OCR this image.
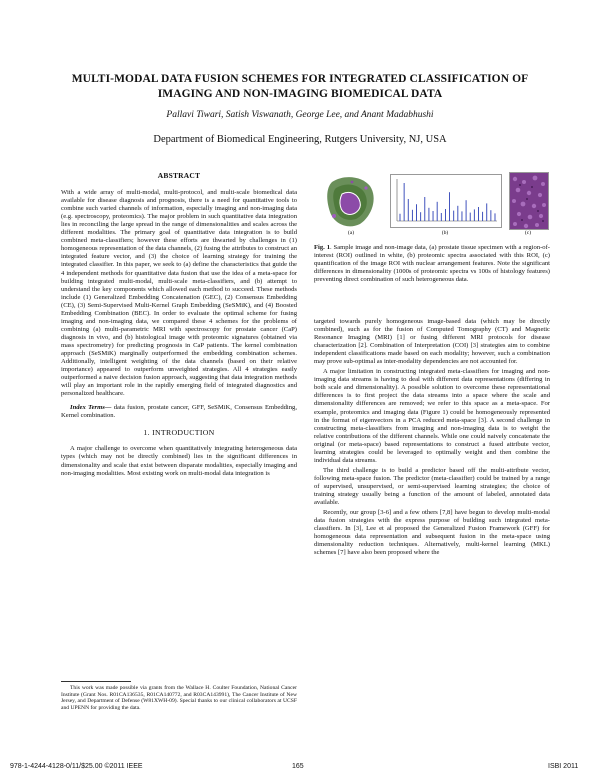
MULTI-MODAL DATA FUSION SCHEMES FOR INTEGRATED CLASSIFICATION OF
IMAGING AND NON-IMAGING BIOMEDICAL DATA
Pallavi Tiwari, Satish Viswanath, George Lee, and Anant Madabhushi
Department of Biomedical Engineering, Rutgers University, NJ, USA
ABSTRACT

With a wide array of multi-modal, multi-protocol, and multi-scale biomedical data available for disease diagnosis and prognosis, there is a need for quantitative tools to combine such varied channels of information, especially imaging and non-imaging data (e.g. spectroscopy, proteomics). The major problem in such quantitative data integration lies in reconciling the large spread in the range of dimensionalities and scales across the different modalities. The primary goal of quantitative data integration is to build combined meta-classifiers; however these efforts are thwarted by challenges in (1) homogeneous representation of the data channels, (2) fusing the attributes to construct an integrated feature vector, and (3) the choice of learning strategy for training the integrated classifier. In this paper, we seek to (a) define the characteristics that guide the 4 independent methods for quantitative data fusion that use the idea of a meta-space for building integrated multi-modal, multi-scale meta-classifiers, and (b) attempt to understand the key components which allowed each method to succeed. These methods include (1) Generalized Embedding Concatenation (GEC), (2) Consensus Embedding (CE), (3) Semi-Supervised Multi-Kernel Graph Embedding (SeSMiK), and (4) Boosted Embedding Combination (BEC). In order to evaluate the optimal scheme for fusing imaging and non-imaging data, we compared these 4 schemes for the problems of combining (a) multi-parametric MRI with spectroscopy for prostate cancer (CaP) diagnosis in vivo, and (b) histological image with proteomic signatures (obtained via mass spectrometry) for predicting prognosis in CaP patients. The kernel combination approach (SeSMiK) marginally outperformed the embedding combination schemes. Additionally, intelligent weighting of the data channels (based on their relative importance) appeared to outperform unweighted strategies. All 4 strategies easily outperformed a naive decision fusion approach, suggesting that data integration methods will play an important role in the rapidly emerging field of integrated diagnostics and personalized healthcare.

Index Terms— data fusion, prostate cancer, GFF, SeSMiK, Consensus Embedding, Kernel combination.

1. INTRODUCTION

A major challenge to overcome when quantitatively integrating heterogeneous data types (which may not be directly combined) lies in the significant differences in dimensionality and scale that exist between disparate modalities, especially imaging and non-imaging modalities. Most existing work on multi-modal data integration is

This work was made possible via grants from the Wallace H. Coulter Foundation, National Cancer Institute (Grant Nos. R01CA136535, R01CA140772, and R03CA143991), The Cancer Institute of New Jersey, and Department of Defense (W81XWH-09). Special thanks to our clinical collaborators at UCSF and UPENN for providing the data.
(a)	(b)	(c)

Fig. 1. Sample image and non-image data, (a) prostate tissue specimen with a region-of-interest (ROI) outlined in white, (b) proteomic spectra associated with this ROI, (c) quantification of the image ROI with nuclear arrangement features. Note the significant differences in dimensionality (1000s of proteomic spectra vs 100s of histology features) preventing direct combination of such heterogeneous data.

targeted towards purely homogeneous image-based data (which may be directly combined), such as for the fusion of Computed Tomography (CT) and Magnetic Resonance Imaging (MRI) [1] or fusing different MRI protocols for disease characterization [2]. Combination of Interpretation (COI) [3] strategies aim to combine independent classifications made based on each modality; however, such a combination may prove sub-optimal as inter-modality dependencies are not accounted for.

A major limitation in constructing integrated meta-classifiers for imaging and non-imaging data streams is having to deal with different data representations (differing in both scale and dimensionality). A possible solution to overcome these representational differences is to first project the data streams into a space where the scale and dimensionality differences are removed; we refer to this space as a meta-space. For example, proteomics and imaging data (Figure 1) could be homogeneously represented in the format of eigenvectors in a PCA reduced meta-space [3]. A second challenge in constructing meta-classifiers from imaging and non-imaging data is to weight the relative contributions of the different channels. While one could naively concatenate the original (or meta-space) based representations to construct a fused attribute vector, learning strategies could be leveraged to optimally weight and then combine the individual data streams.

The third challenge is to build a predictor based off the multi-attribute vector, following meta-space fusion. The predictor (meta-classifier) could be trained by a range of supervised, unsupervised, or semi-supervised learning strategies; the choice of training strategy usually being a function of the amount of labeled, annotated data available.

Recently, our group [3-6] and a few others [7,8] have begun to develop multi-modal data fusion strategies with the express purpose of building such integrated meta-classifiers. In [3], Lee et al proposed the Generalized Fusion Framework (GFF) for homogeneous data representation and subsequent fusion in the meta-space using dimensionality reduction techniques. Alternatively, multi-kernel learning (MKL) schemes [7] have also been proposed where the

978-1-4244-4128-0/11/$25.00 ©2011 IEEE	165	ISBI 2011
